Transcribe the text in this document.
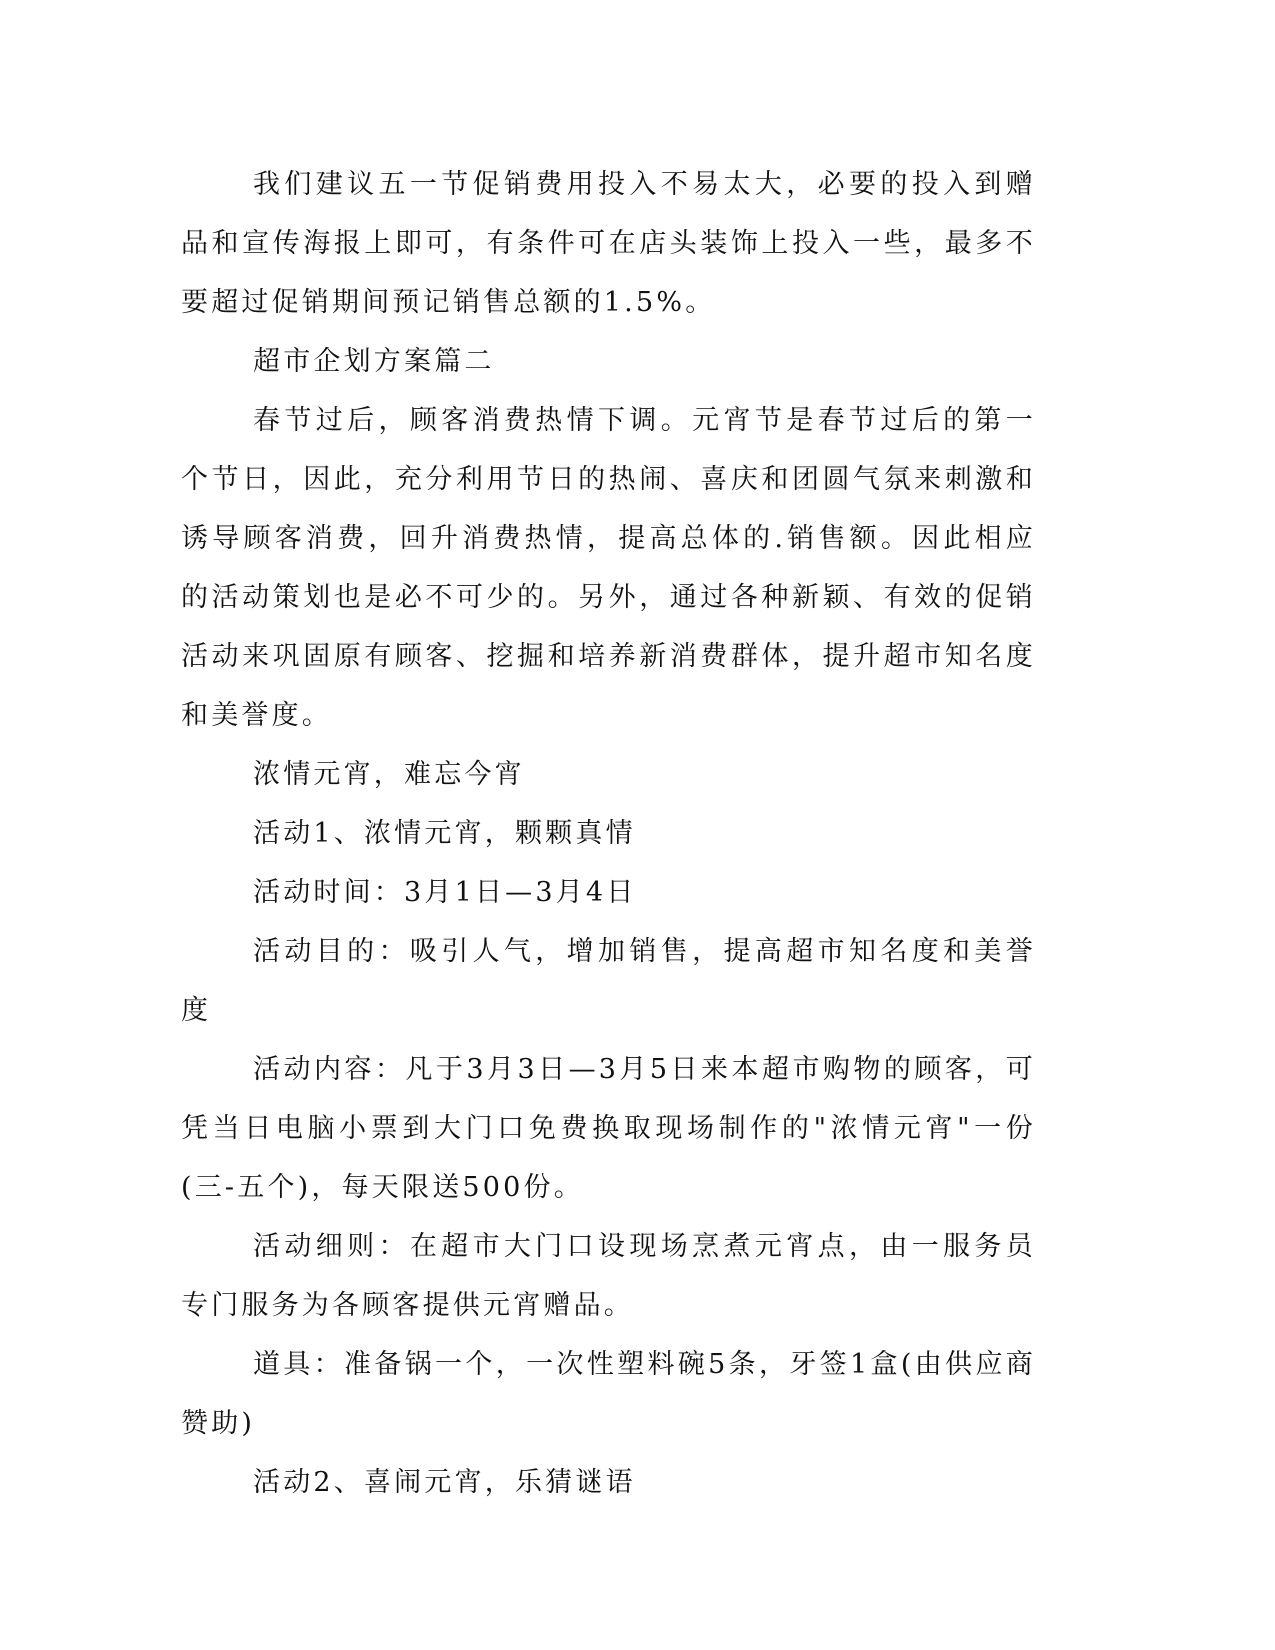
我们建议五一节促销费用投入不易太大，必要的投入到赠品和宣传海报上即可，有条件可在店头装饰上投入一些，最多不要超过促销期间预记销售总额的1.5%。

超市企划方案篇二

春节过后，顾客消费热情下调。元宵节是春节过后的第一个节日，因此，充分利用节日的热闹、喜庆和团圆气氛来刺激和诱导顾客消费，回升消费热情，提高总体的.销售额。因此相应的活动策划也是必不可少的。另外，通过各种新颖、有效的促销活动来巩固原有顾客、挖掘和培养新消费群体，提升超市知名度和美誉度。

浓情元宵，难忘今宵

活动1、浓情元宵，颗颗真情

活动时间：3月1日—3月4日

活动目的：吸引人气，增加销售，提高超市知名度和美誉度

活动内容：凡于3月3日—3月5日来本超市购物的顾客，可凭当日电脑小票到大门口免费换取现场制作的"浓情元宵"一份(三-五个)，每天限送500份。

活动细则：在超市大门口设现场烹煮元宵点，由一服务员专门服务为各顾客提供元宵赠品。

道具：准备锅一个，一次性塑料碗5条，牙签1盒(由供应商赞助)

活动2、喜闹元宵，乐猜谜语
